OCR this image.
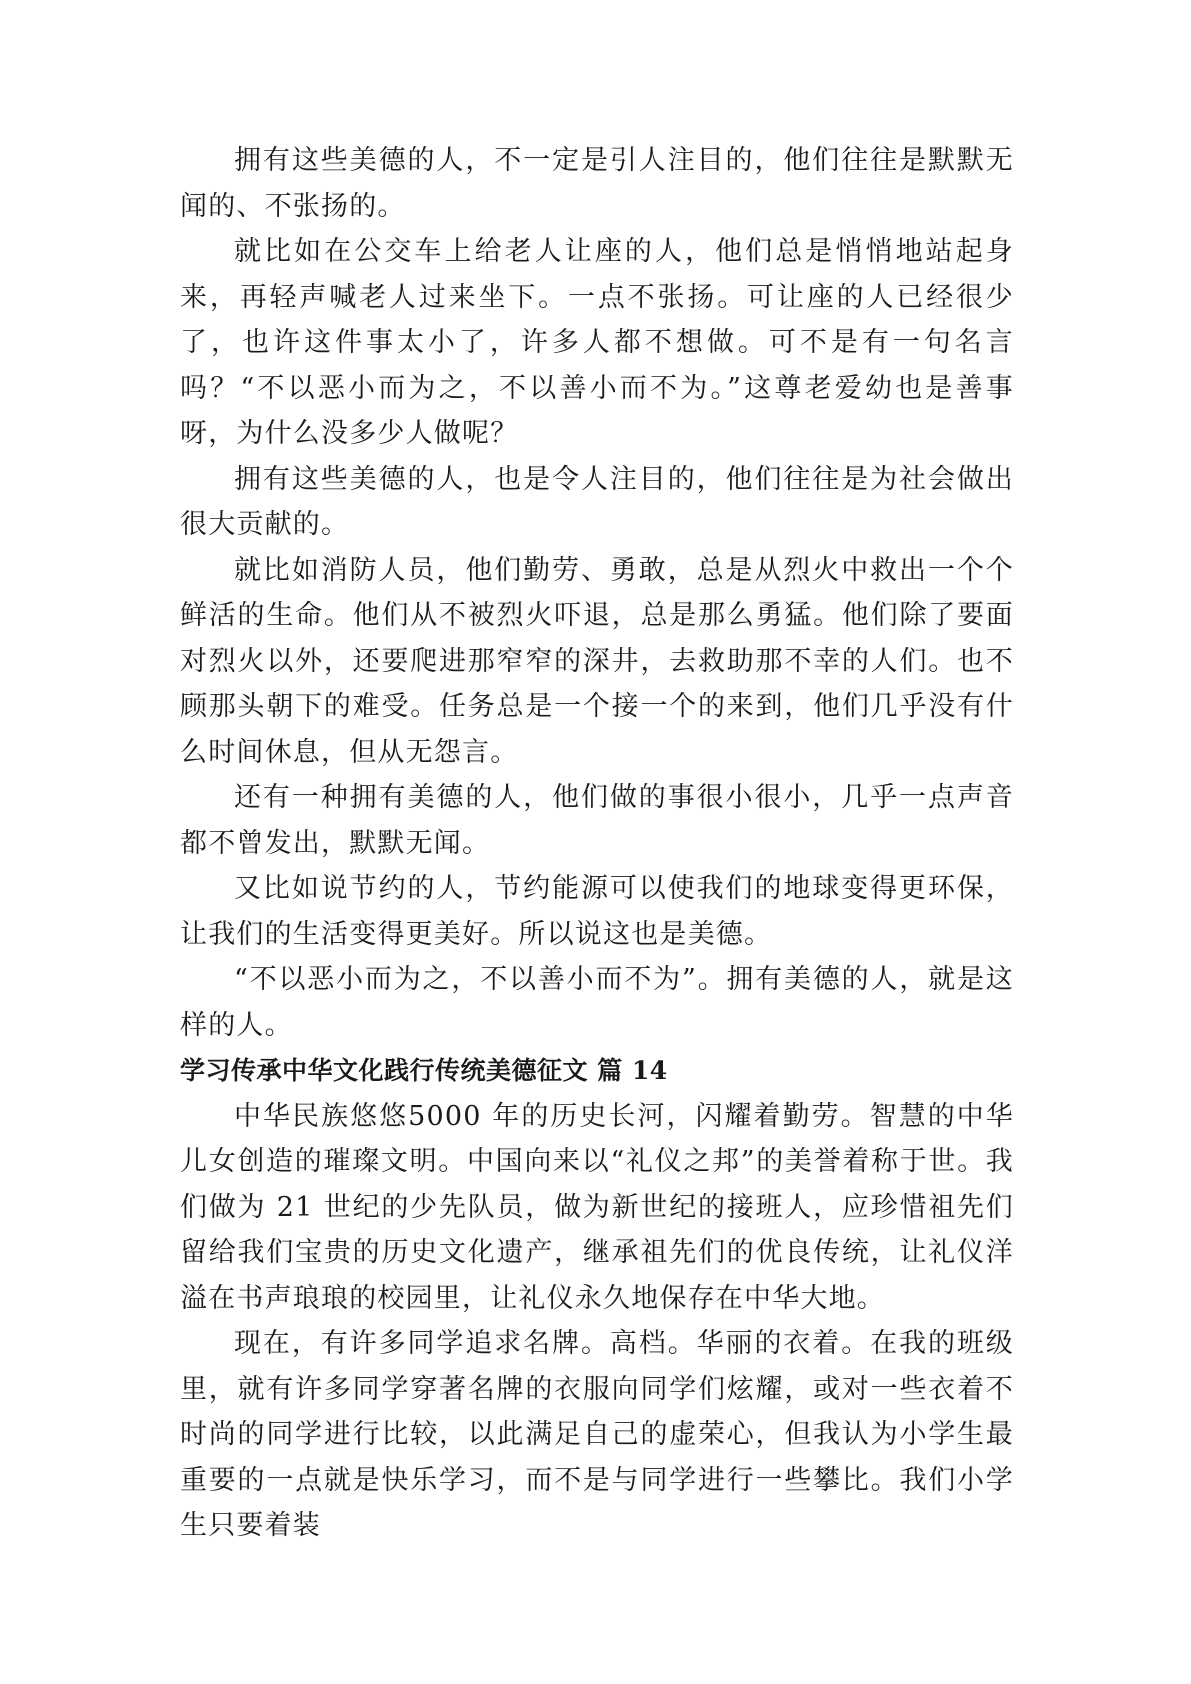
拥有这些美德的人，不一定是引人注目的，他们往往是默默无闻的、不张扬的。

就比如在公交车上给老人让座的人，他们总是悄悄地站起身来，再轻声喊老人过来坐下。一点不张扬。可让座的人已经很少了，也许这件事太小了，许多人都不想做。可不是有一句名言吗？“不以恶小而为之，不以善小而不为。”这尊老爱幼也是善事呀，为什么没多少人做呢？

拥有这些美德的人，也是令人注目的，他们往往是为社会做出很大贡献的。

就比如消防人员，他们勤劳、勇敢，总是从烈火中救出一个个鲜活的生命。他们从不被烈火吓退，总是那么勇猛。他们除了要面对烈火以外，还要爬进那窄窄的深井，去救助那不幸的人们。也不顾那头朝下的难受。任务总是一个接一个的来到，他们几乎没有什么时间休息，但从无怨言。

还有一种拥有美德的人，他们做的事很小很小，几乎一点声音都不曾发出，默默无闻。

又比如说节约的人，节约能源可以使我们的地球变得更环保，让我们的生活变得更美好。所以说这也是美德。

“不以恶小而为之，不以善小而不为”。拥有美德的人，就是这样的人。

学习传承中华文化践行传统美德征文 篇 14

中华民族悠悠5000 年的历史长河，闪耀着勤劳。智慧的中华儿女创造的璀璨文明。中国向来以“礼仪之邦”的美誉着称于世。我们做为 21 世纪的少先队员，做为新世纪的接班人，应珍惜祖先们留给我们宝贵的历史文化遗产，继承祖先们的优良传统，让礼仪洋溢在书声琅琅的校园里，让礼仪永久地保存在中华大地。

现在，有许多同学追求名牌。高档。华丽的衣着。在我的班级里，就有许多同学穿著名牌的衣服向同学们炫耀，或对一些衣着不时尚的同学进行比较，以此满足自己的虚荣心，但我认为小学生最重要的一点就是快乐学习，而不是与同学进行一些攀比。我们小学生只要着装
